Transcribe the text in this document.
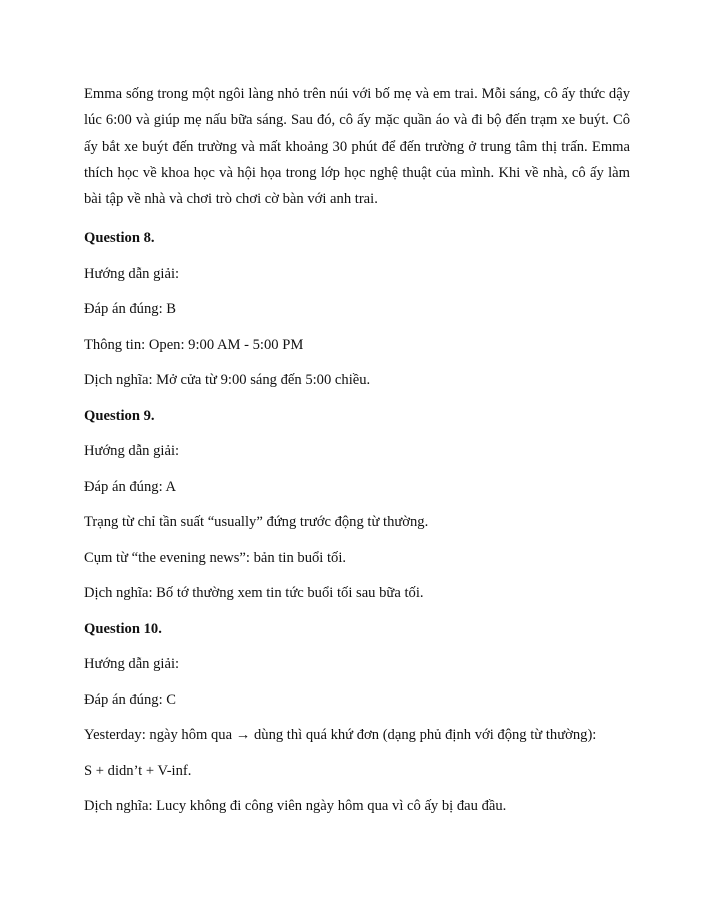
Emma sống trong một ngôi làng nhỏ trên núi với bố mẹ và em trai. Mỗi sáng, cô ấy thức dậy lúc 6:00 và giúp mẹ nấu bữa sáng. Sau đó, cô ấy mặc quần áo và đi bộ đến trạm xe buýt. Cô ấy bắt xe buýt đến trường và mất khoảng 30 phút để đến trường ở trung tâm thị trấn. Emma thích học về khoa học và hội họa trong lớp học nghệ thuật của mình. Khi về nhà, cô ấy làm bài tập về nhà và chơi trò chơi cờ bàn với anh trai.

Question 8.

Hướng dẫn giải:

Đáp án đúng: B

Thông tin: Open: 9:00 AM - 5:00 PM

Dịch nghĩa: Mở cửa từ 9:00 sáng đến 5:00 chiều.

Question 9.

Hướng dẫn giải:

Đáp án đúng: A

Trạng từ chỉ tần suất “usually” đứng trước động từ thường.

Cụm từ “the evening news”: bản tin buổi tối.

Dịch nghĩa: Bố tớ thường xem tin tức buổi tối sau bữa tối.

Question 10.

Hướng dẫn giải:

Đáp án đúng: C

Yesterday: ngày hôm qua → dùng thì quá khứ đơn (dạng phủ định với động từ thường):

S + didn’t + V-inf.

Dịch nghĩa: Lucy không đi công viên ngày hôm qua vì cô ấy bị đau đầu.
